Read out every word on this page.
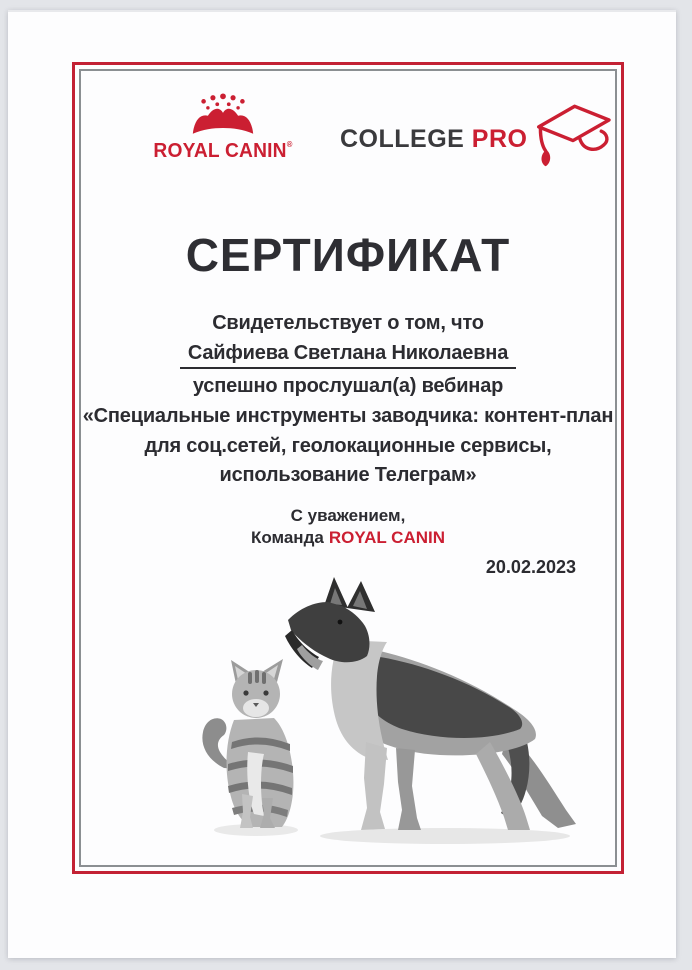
ROYAL CANIN®	COLLEGE PRO
СЕРТИФИКАТ
Свидетельствует о том, что
Сайфиева Светлана Николаевна
успешно прослушал(а) вебинар
«Специальные инструменты заводчика: контент-план
для соц.сетей, геолокационные сервисы,
использование Телеграм»
С уважением,
Команда ROYAL CANIN
20.02.2023
